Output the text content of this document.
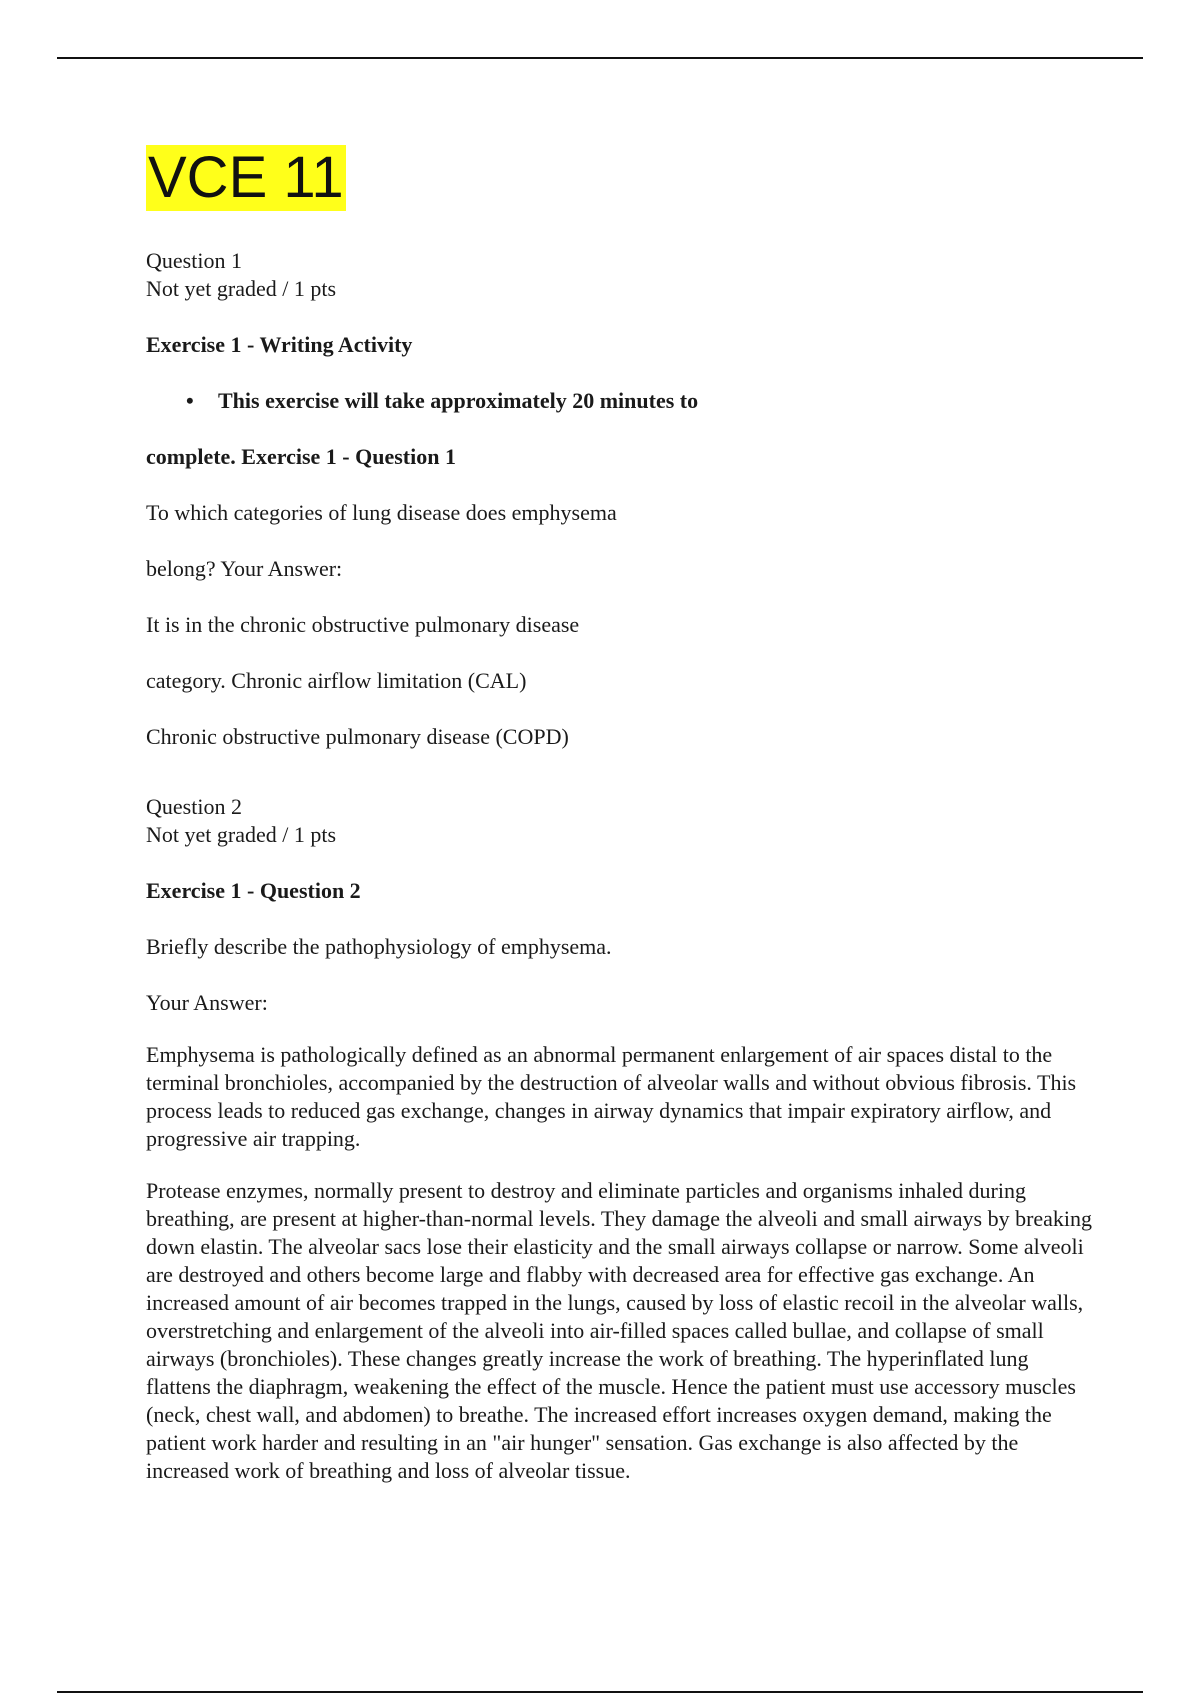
VCE 11
Question 1
Not yet graded / 1 pts
Exercise 1 - Writing Activity
• This exercise will take approximately 20 minutes to
complete. Exercise 1 - Question 1
To which categories of lung disease does emphysema
belong? Your Answer:
It is in the chronic obstructive pulmonary disease
category. Chronic airflow limitation (CAL)
Chronic obstructive pulmonary disease (COPD)
Question 2
Not yet graded / 1 pts
Exercise 1 - Question 2
Briefly describe the pathophysiology of emphysema.
Your Answer:
Emphysema is pathologically defined as an abnormal permanent enlargement of air spaces distal to the terminal bronchioles, accompanied by the destruction of alveolar walls and without obvious fibrosis. This process leads to reduced gas exchange, changes in airway dynamics that impair expiratory airflow, and progressive air trapping.
Protease enzymes, normally present to destroy and eliminate particles and organisms inhaled during breathing, are present at higher-than-normal levels. They damage the alveoli and small airways by breaking down elastin. The alveolar sacs lose their elasticity and the small airways collapse or narrow. Some alveoli are destroyed and others become large and flabby with decreased area for effective gas exchange. An increased amount of air becomes trapped in the lungs, caused by loss of elastic recoil in the alveolar walls, overstretching and enlargement of the alveoli into air-filled spaces called bullae, and collapse of small airways (bronchioles). These changes greatly increase the work of breathing. The hyperinflated lung flattens the diaphragm, weakening the effect of the muscle. Hence the patient must use accessory muscles (neck, chest wall, and abdomen) to breathe. The increased effort increases oxygen demand, making the patient work harder and resulting in an "air hunger" sensation. Gas exchange is also affected by the increased work of breathing and loss of alveolar tissue.
